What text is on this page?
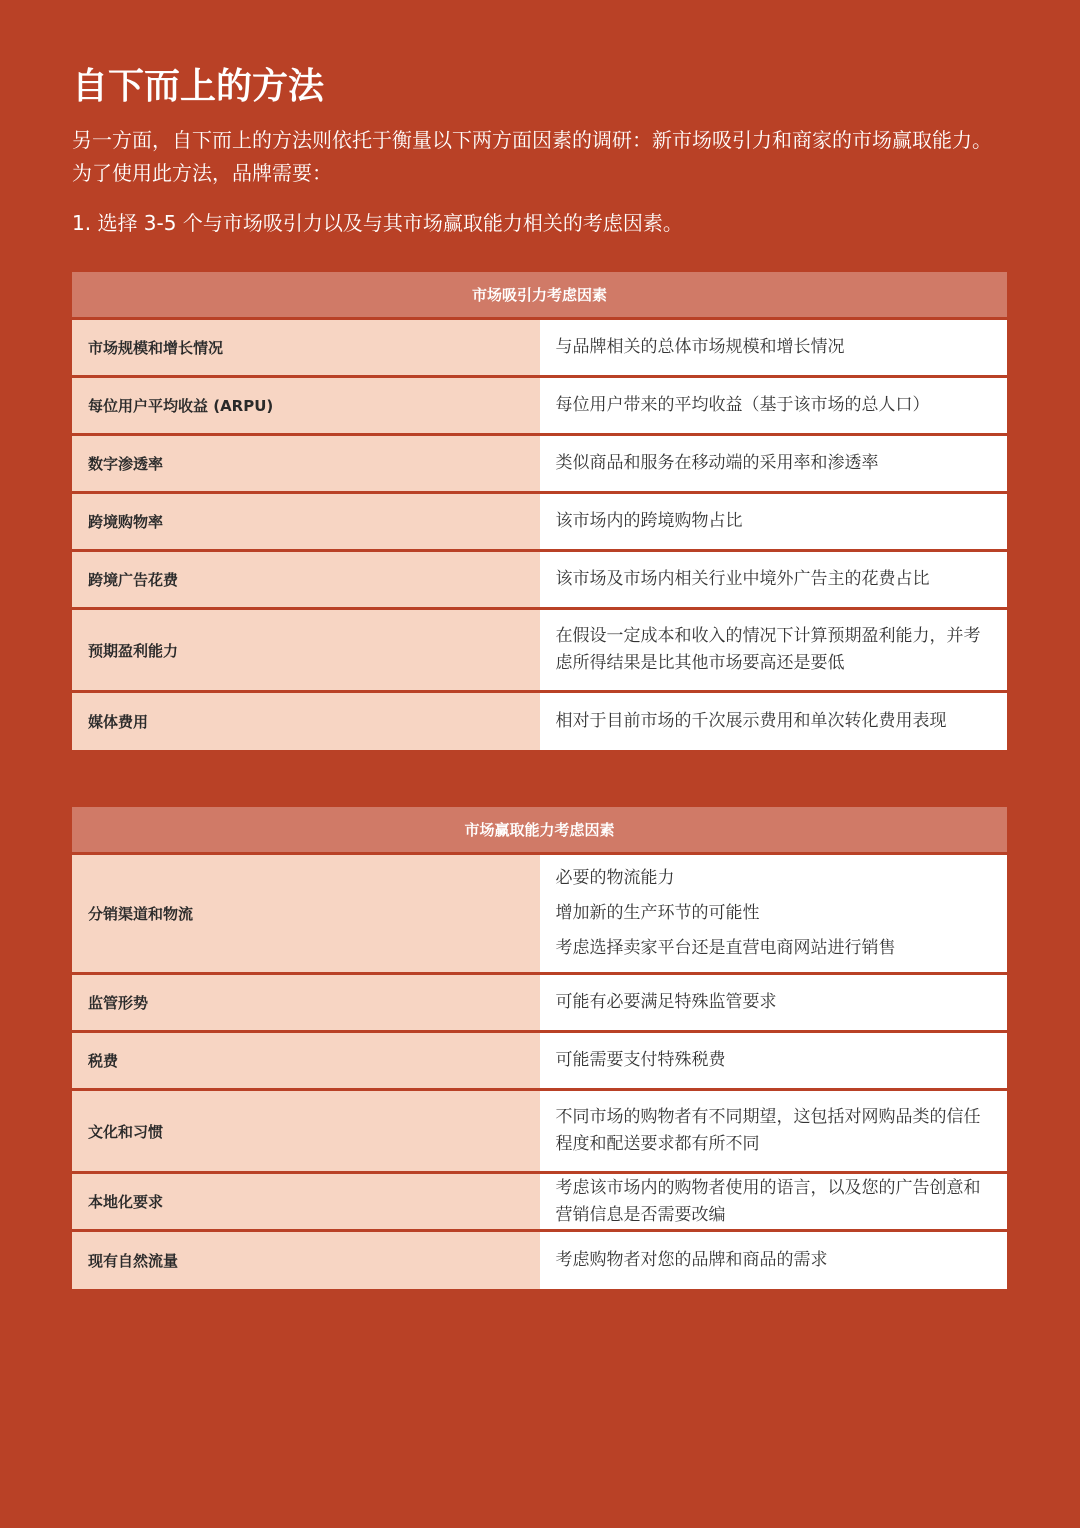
自下而上的方法

另一方面，自下而上的方法则依托于衡量以下两方面因素的调研：新市场吸引力和商家的市场赢取能力。为了使用此方法，品牌需要：

1. 选择 3-5 个与市场吸引力以及与其市场赢取能力相关的考虑因素。

市场吸引力考虑因素	
市场规模和增长情况	与品牌相关的总体市场规模和增长情况
每位用户平均收益 (ARPU)	每位用户带来的平均收益（基于该市场的总人口）
数字渗透率	类似商品和服务在移动端的采用率和渗透率
跨境购物率	该市场内的跨境购物占比
跨境广告花费	该市场及市场内相关行业中境外广告主的花费占比
预期盈利能力	在假设一定成本和收入的情况下计算预期盈利能力，并考虑所得结果是比其他市场要高还是要低
媒体费用	相对于目前市场的千次展示费用和单次转化费用表现
市场赢取能力考虑因素	
分销渠道和物流	必要的物流能力
增加新的生产环节的可能性
考虑选择卖家平台还是直营电商网站进行销售

监管形势	可能有必要满足特殊监管要求
税费	可能需要支付特殊税费
文化和习惯	不同市场的购物者有不同期望，这包括对网购品类的信任程度和配送要求都有所不同
本地化要求	考虑该市场内的购物者使用的语言，以及您的广告创意和营销信息是否需要改编
现有自然流量	考虑购物者对您的品牌和商品的需求
